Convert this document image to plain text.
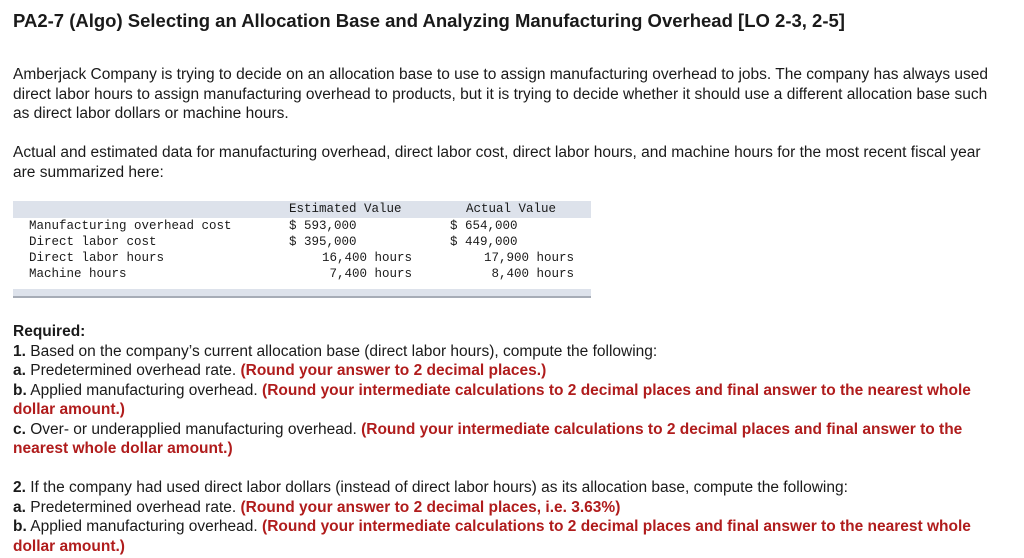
PA2-7 (Algo) Selecting an Allocation Base and Analyzing Manufacturing Overhead [LO 2-3, 2-5]
Amberjack Company is trying to decide on an allocation base to use to assign manufacturing overhead to jobs. The company has always used direct labor hours to assign manufacturing overhead to products, but it is trying to decide whether it should use a different allocation base such as direct labor dollars or machine hours.
Actual and estimated data for manufacturing overhead, direct labor cost, direct labor hours, and machine hours for the most recent fiscal year are summarized here:
Estimated Value	Actual Value
Manufacturing overhead cost	$ 593,000	$ 654,000
Direct labor cost	$ 395,000	$ 449,000
Direct labor hours	16,400 hours	17,900 hours
Machine hours	7,400 hours	8,400 hours
Required:
1. Based on the company’s current allocation base (direct labor hours), compute the following:
a. Predetermined overhead rate. (Round your answer to 2 decimal places.)
b. Applied manufacturing overhead. (Round your intermediate calculations to 2 decimal places and final answer to the nearest whole dollar amount.)
c. Over- or underapplied manufacturing overhead. (Round your intermediate calculations to 2 decimal places and final answer to the nearest whole dollar amount.)
2. If the company had used direct labor dollars (instead of direct labor hours) as its allocation base, compute the following:
a. Predetermined overhead rate. (Round your answer to 2 decimal places, i.e. 3.63%)
b. Applied manufacturing overhead. (Round your intermediate calculations to 2 decimal places and final answer to the nearest whole dollar amount.)
